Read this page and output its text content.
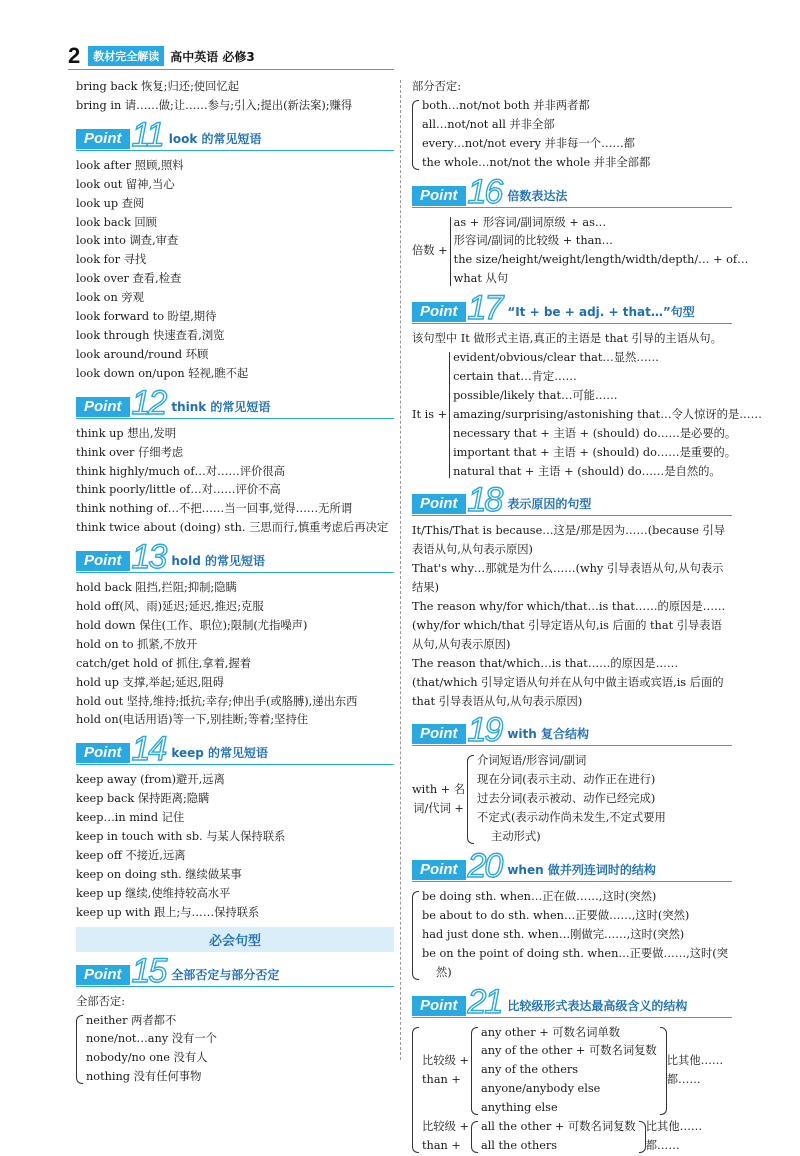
2	教材完全解读 高中英语 必修3
bring back 恢复;归还;使回忆起
bring in 请……做;让……参与;引入;提出(新法案);赚得
Point 11 look 的常见短语
look after 照顾,照料
look out 留神,当心
look up 查阅
look back 回顾
look into 调查,审查
look for 寻找
look over 查看,检查
look on 旁观
look forward to 盼望,期待
look through 快速查看,浏览
look around/round 环顾
look down on/upon 轻视,瞧不起
Point 12 think 的常见短语
think up 想出,发明
think over 仔细考虑
think highly/much of…对……评价很高
think poorly/little of…对……评价不高
think nothing of…不把……当一回事,觉得……无所谓
think twice about (doing) sth. 三思而行,慎重考虑后再决定
Point 13 hold 的常见短语
hold back 阻挡,拦阻;抑制;隐瞒
hold off(风、雨)延迟;延迟,推迟;克服
hold down 保住(工作、职位);限制(尤指噪声)
hold on to 抓紧,不放开
catch/get hold of 抓住,拿着,握着
hold up 支撑,举起;延迟,阻碍
hold out 坚持,维持;抵抗;幸存;伸出手(或胳膊),递出东西
hold on(电话用语)等一下,别挂断;等着;坚持住
Point 14 keep 的常见短语
keep away (from)避开,远离
keep back 保持距离;隐瞒
keep…in mind 记住
keep in touch with sb. 与某人保持联系
keep off 不接近,远离
keep on doing sth. 继续做某事
keep up 继续,使维持较高水平
keep up with 跟上;与……保持联系
必会句型
Point 15 全部否定与部分否定
全部否定:
neither 两者都不
none/not…any 没有一个
nobody/no one 没有人
nothing 没有任何事物
部分否定:
both…not/not both 并非两者都
all…not/not all 并非全部
every…not/not every 并非每一个……都
the whole…not/not the whole 并非全部都
Point 16 倍数表达法
倍数 +
as + 形容词/副词原级 + as…
形容词/副词的比较级 + than…
the size/height/weight/length/width/depth/… + of…
what 从句
Point 17 “It + be + adj. + that…”句型
该句型中 It 做形式主语,真正的主语是 that 引导的主语从句。
It is +
evident/obvious/clear that…显然……
certain that…肯定……
possible/likely that…可能……
amazing/surprising/astonishing that…令人惊讶的是……
necessary that + 主语 + (should) do……是必要的。
important that + 主语 + (should) do……是重要的。
natural that + 主语 + (should) do……是自然的。
Point 18 表示原因的句型
It/This/That is because…这是/那是因为……(because 引导表语从句,从句表示原因)
That's why…那就是为什么……(why 引导表语从句,从句表示结果)
The reason why/for which/that…is that……的原因是……(why/for which/that 引导定语从句,is 后面的 that 引导表语从句,从句表示原因)
The reason that/which…is that……的原因是……(that/which 引导定语从句并在从句中做主语或宾语,is 后面的 that 引导表语从句,从句表示原因)
Point 19 with 复合结构
with + 名
词/代词 +
介词短语/形容词/副词
现在分词(表示主动、动作正在进行)
过去分词(表示被动、动作已经完成)
不定式(表示动作尚未发生,不定式要用
主动形式)
Point 20 when 做并列连词时的结构
be doing sth. when…正在做……,这时(突然)
be about to do sth. when…正要做……,这时(突然)
had just done sth. when…刚做完……,这时(突然)
be on the point of doing sth. when…正要做……,这时(突
然)
Point 21 比较级形式表达最高级含义的结构
比较级 +
than +
any other + 可数名词单数
any of the other + 可数名词复数
any of the others
anyone/anybody else
anything else
比其他……
都……
比较级 +
than +
all the other + 可数名词复数
all the others
比其他……
都……
